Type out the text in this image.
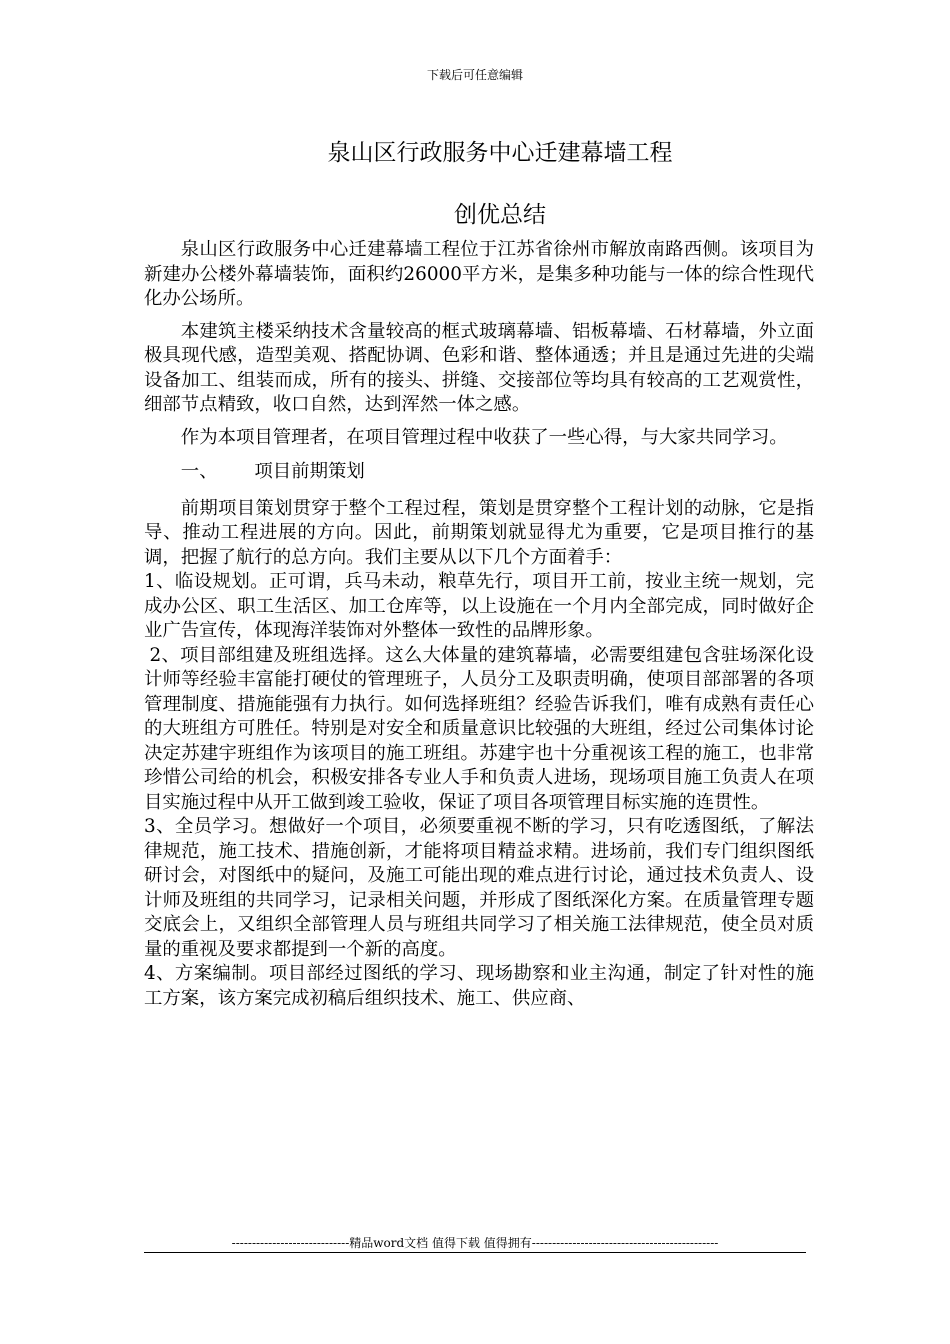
下载后可任意编辑
泉山区行政服务中心迁建幕墙工程
创优总结

泉山区行政服务中心迁建幕墙工程位于江苏省徐州市解放南路西侧。该项目为新建办公楼外幕墙装饰，面积约26000平方米，是集多种功能与一体的综合性现代化办公场所。

本建筑主楼采纳技术含量较高的框式玻璃幕墙、铝板幕墙、石材幕墙，外立面极具现代感，造型美观、搭配协调、色彩和谐、整体通透；并且是通过先进的尖端设备加工、组装而成，所有的接头、拼缝、交接部位等均具有较高的工艺观赏性，细部节点精致，收口自然，达到浑然一体之感。

作为本项目管理者，在项目管理过程中收获了一些心得，与大家共同学习。

一、 项目前期策划

前期项目策划贯穿于整个工程过程，策划是贯穿整个工程计划的动脉，它是指导、推动工程进展的方向。因此，前期策划就显得尤为重要，它是项目推行的基调，把握了航行的总方向。我们主要从以下几个方面着手：

1、临设规划。正可谓，兵马未动，粮草先行，项目开工前，按业主统一规划，完成办公区、职工生活区、加工仓库等，以上设施在一个月内全部完成，同时做好企业广告宣传，体现海洋装饰对外整体一致性的品牌形象。

2、项目部组建及班组选择。这么大体量的建筑幕墙，必需要组建包含驻场深化设计师等经验丰富能打硬仗的管理班子，人员分工及职责明确，使项目部部署的各项管理制度、措施能强有力执行。如何选择班组？经验告诉我们，唯有成熟有责任心的大班组方可胜任。特别是对安全和质量意识比较强的大班组，经过公司集体讨论决定苏建宇班组作为该项目的施工班组。苏建宇也十分重视该工程的施工，也非常珍惜公司给的机会，积极安排各专业人手和负责人进场，现场项目施工负责人在项目实施过程中从开工做到竣工验收，保证了项目各项管理目标实施的连贯性。

3、全员学习。想做好一个项目，必须要重视不断的学习，只有吃透图纸，了解法律规范，施工技术、措施创新，才能将项目精益求精。进场前，我们专门组织图纸研讨会，对图纸中的疑问，及施工可能出现的难点进行讨论，通过技术负责人、设计师及班组的共同学习，记录相关问题，并形成了图纸深化方案。在质量管理专题交底会上，又组织全部管理人员与班组共同学习了相关施工法律规范，使全员对质量的重视及要求都提到一个新的高度。

4、方案编制。项目部经过图纸的学习、现场勘察和业主沟通，制定了针对性的施工方案，该方案完成初稿后组织技术、施工、供应商、

-----------------------------精品word文档 值得下载 值得拥有----------------------------------------------
